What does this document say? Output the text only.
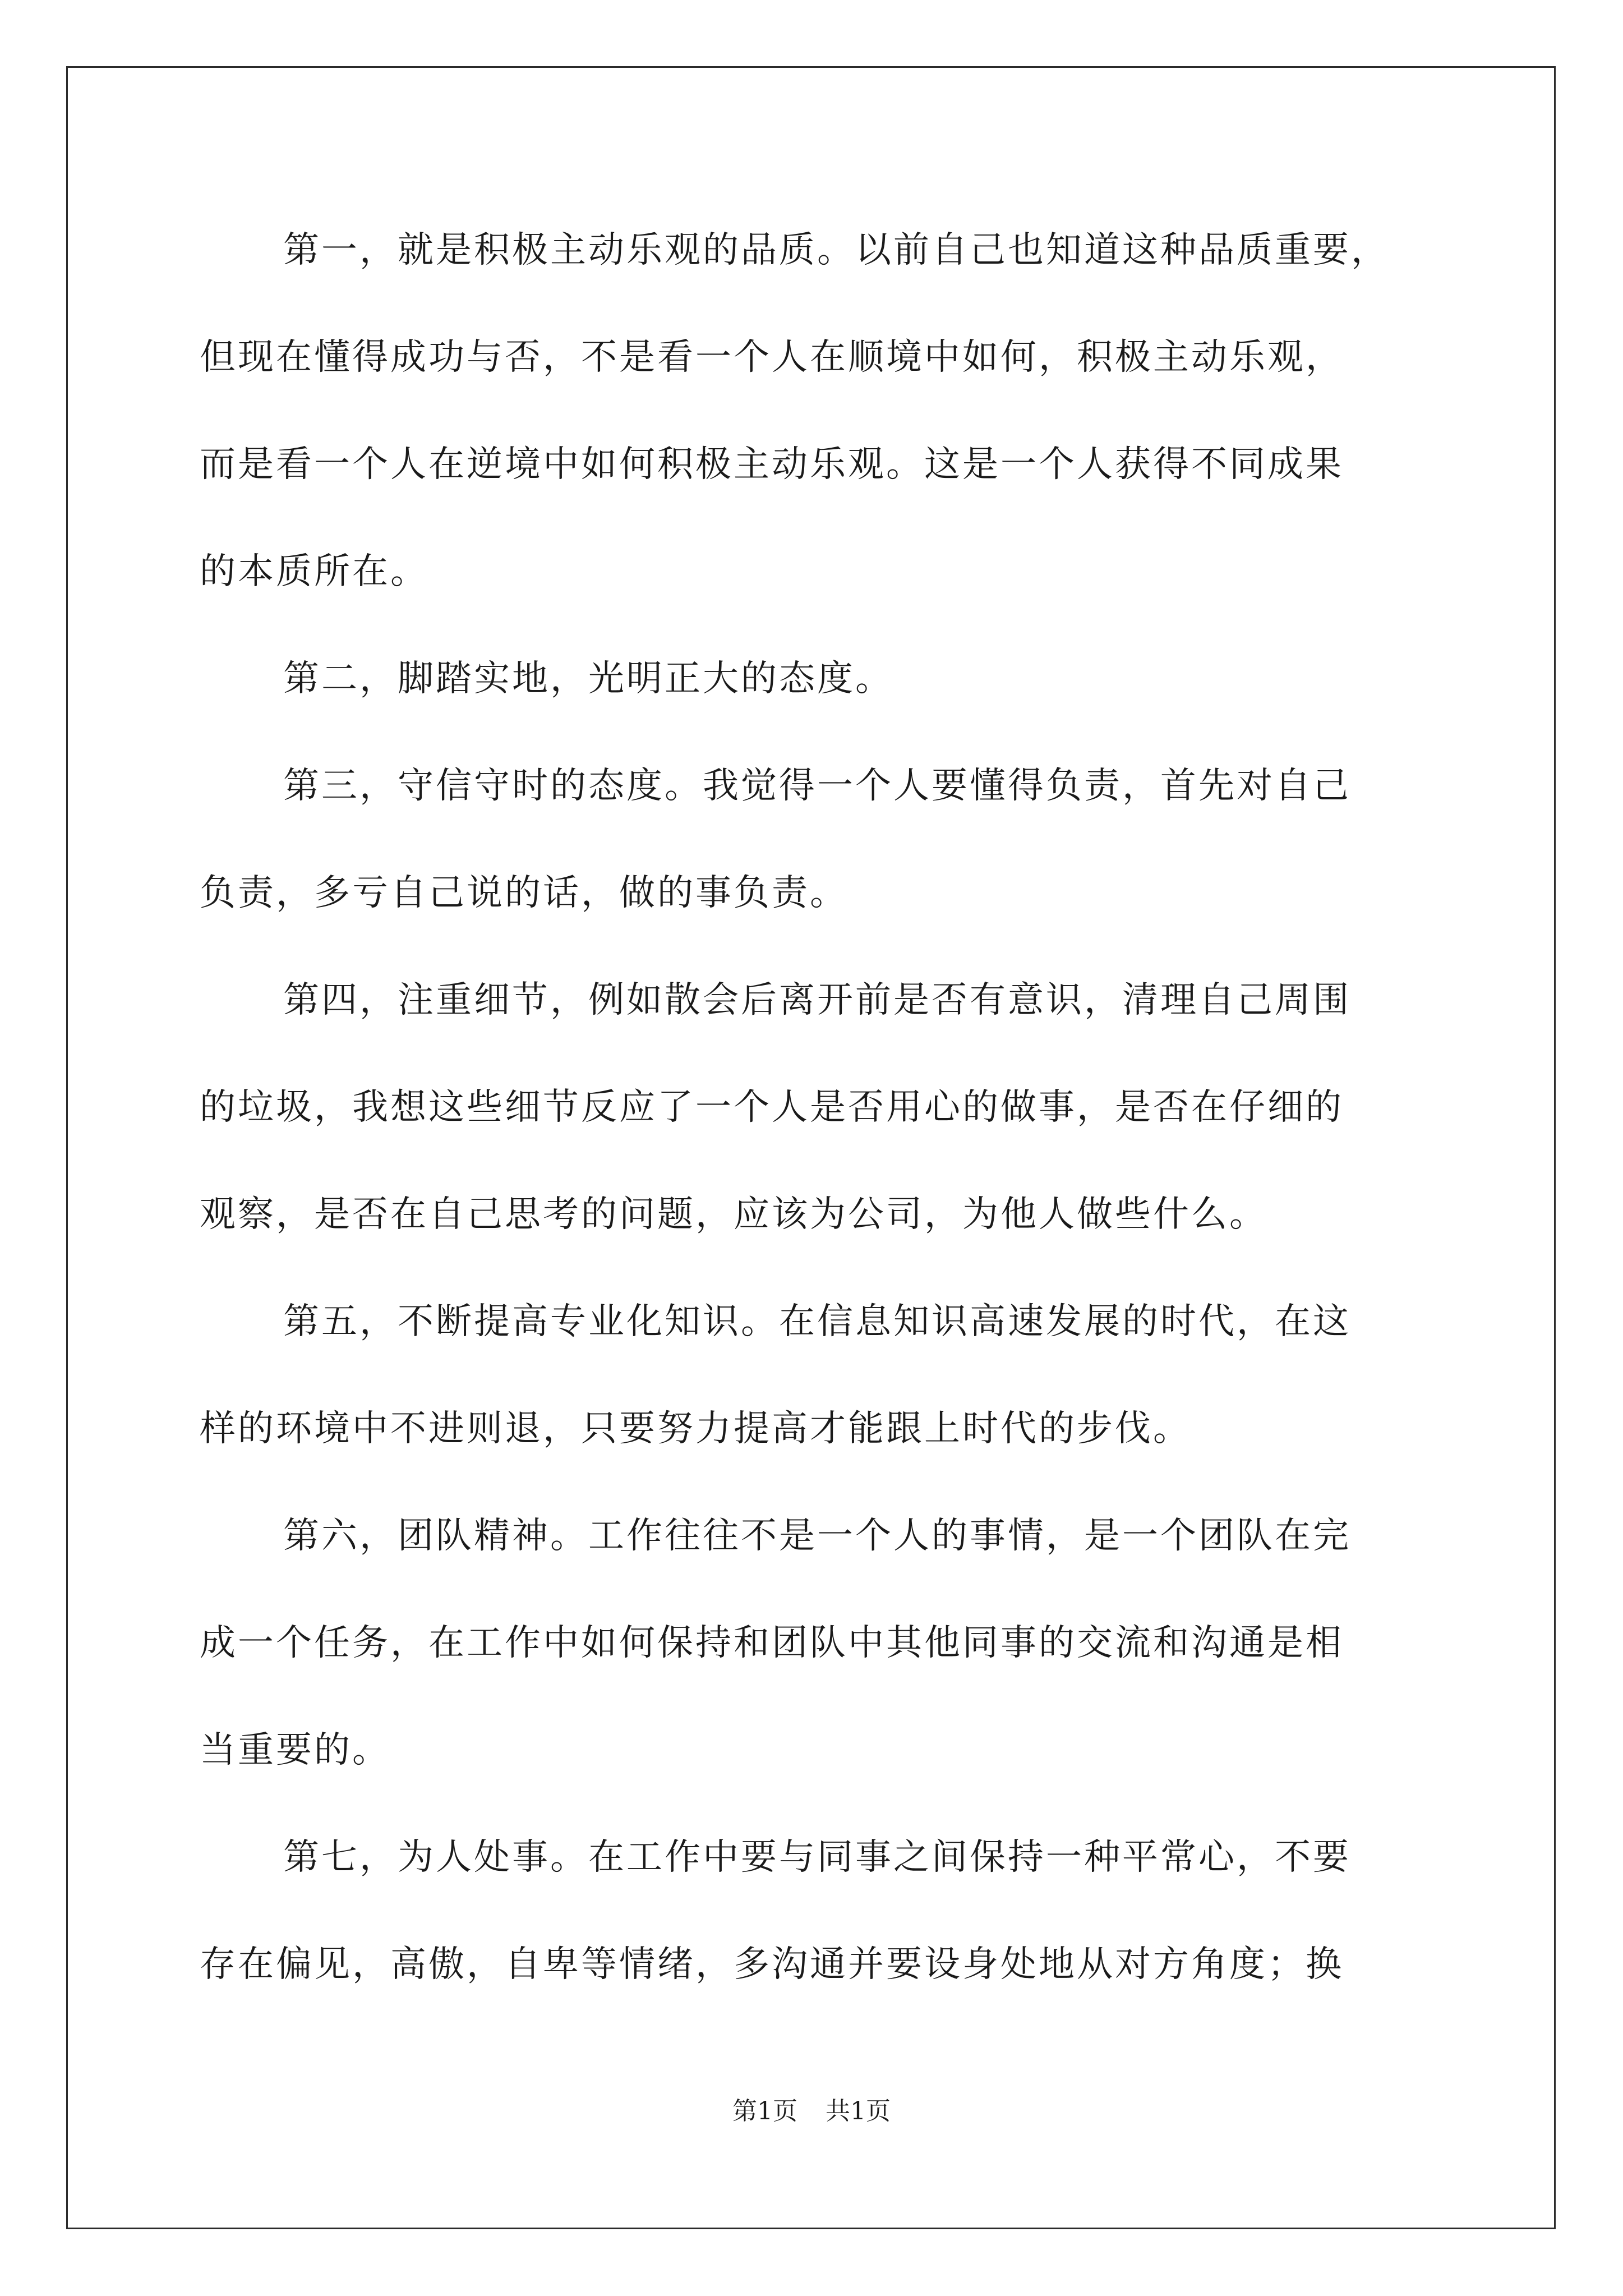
第一，就是积极主动乐观的品质。以前自己也知道这种品质重要，
但现在懂得成功与否，不是看一个人在顺境中如何，积极主动乐观，
而是看一个人在逆境中如何积极主动乐观。这是一个人获得不同成果
的本质所在。
第二，脚踏实地，光明正大的态度。
第三，守信守时的态度。我觉得一个人要懂得负责，首先对自己
负责，多亏自己说的话，做的事负责。
第四，注重细节，例如散会后离开前是否有意识，清理自己周围
的垃圾，我想这些细节反应了一个人是否用心的做事，是否在仔细的
观察，是否在自己思考的问题，应该为公司，为他人做些什么。
第五，不断提高专业化知识。在信息知识高速发展的时代，在这
样的环境中不进则退，只要努力提高才能跟上时代的步伐。
第六，团队精神。工作往往不是一个人的事情，是一个团队在完
成一个任务，在工作中如何保持和团队中其他同事的交流和沟通是相
当重要的。
第七，为人处事。在工作中要与同事之间保持一种平常心，不要
存在偏见，高傲，自卑等情绪，多沟通并要设身处地从对方角度；换
第1页 共1页
